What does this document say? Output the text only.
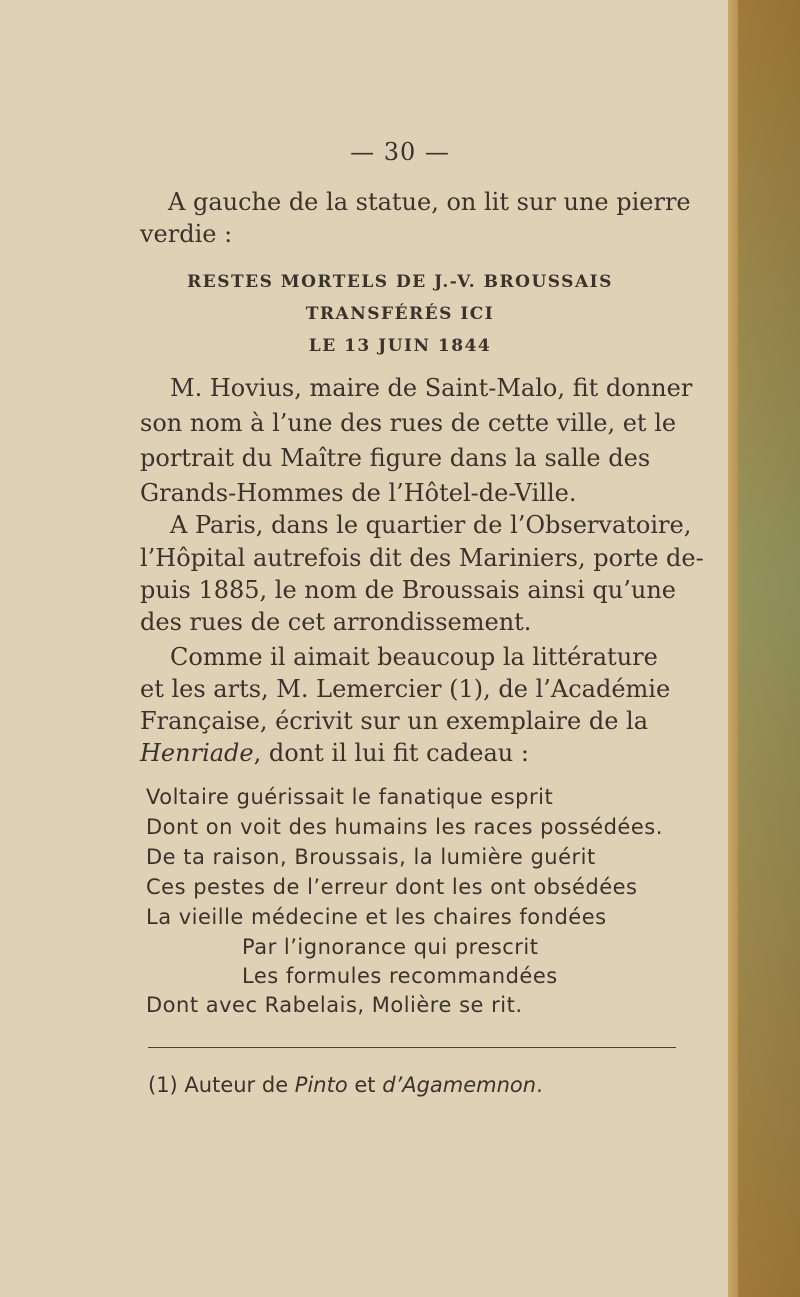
— 30 —
A gauche de la statue, on lit sur une pierre
verdie :
RESTES MORTELS DE J.-V. BROUSSAIS
TRANSFÉRÉS ICI
LE 13 JUIN 1844
M. Hovius, maire de Saint-Malo, fit donner
son nom à l’une des rues de cette ville, et le
portrait du Maître figure dans la salle des
Grands-Hommes de l’Hôtel-de-Ville.
A Paris, dans le quartier de l’Observatoire,
l’Hôpital autrefois dit des Mariniers, porte de-
puis 1885, le nom de Broussais ainsi qu’une
des rues de cet arrondissement.
Comme il aimait beaucoup la littérature
et les arts, M. Lemercier (1), de l’Académie
Française, écrivit sur un exemplaire de la
Henriade, dont il lui fit cadeau :
Voltaire guérissait le fanatique esprit
Dont on voit des humains les races possédées.
De ta raison, Broussais, la lumière guérit
Ces pestes de l’erreur dont les ont obsédées
La vieille médecine et les chaires fondées
Par l’ignorance qui prescrit
Les formules recommandées
Dont avec Rabelais, Molière se rit.
(1) Auteur de Pinto et d’Agamemnon.
